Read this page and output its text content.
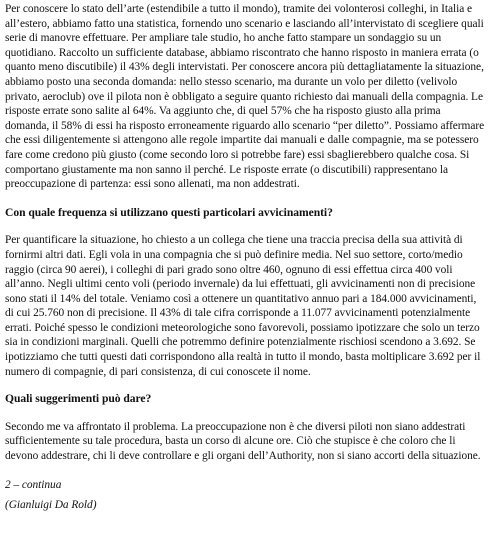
Per conoscere lo stato dell’arte (estendibile a tutto il mondo), tramite dei volonterosi colleghi, in Italia e all’estero, abbiamo fatto una statistica, fornendo uno scenario e lasciando all’intervistato di scegliere quali serie di manovre effettuare. Per ampliare tale studio, ho anche fatto stampare un sondaggio su un quotidiano. Raccolto un sufficiente database, abbiamo riscontrato che hanno risposto in maniera errata (o quanto meno discutibile) il 43% degli intervistati. Per conoscere ancora più dettagliatamente la situazione, abbiamo posto una seconda domanda: nello stesso scenario, ma durante un volo per diletto (velivolo privato, aeroclub) ove il pilota non è obbligato a seguire quanto richiesto dai manuali della compagnia. Le risposte errate sono salite al 64%. Va aggiunto che, di quel 57% che ha risposto giusto alla prima domanda, il 58% di essi ha risposto erroneamente riguardo allo scenario “per diletto”. Possiamo affermare che essi diligentemente si attengono alle regole impartite dai manuali e dalle compagnie, ma se potessero fare come credono più giusto (come secondo loro si potrebbe fare) essi sbaglierebbero qualche cosa. Si comportano giustamente ma non sanno il perché. Le risposte errate (o discutibili) rappresentano la preoccupazione di partenza: essi sono allenati, ma non addestrati.

Con quale frequenza si utilizzano questi particolari avvicinamenti?

Per quantificare la situazione, ho chiesto a un collega che tiene una traccia precisa della sua attività di fornirmi altri dati. Egli vola in una compagnia che si può definire media. Nel suo settore, corto/medio raggio (circa 90 aerei), i colleghi di pari grado sono oltre 460, ognuno di essi effettua circa 400 voli all’anno. Negli ultimi cento voli (periodo invernale) da lui effettuati, gli avvicinamenti non di precisione sono stati il 14% del totale. Veniamo così a ottenere un quantitativo annuo pari a 184.000 avvicinamenti, di cui 25.760 non di precisione. Il 43% di tale cifra corrisponde a 11.077 avvicinamenti potenzialmente errati. Poiché spesso le condizioni meteorologiche sono favorevoli, possiamo ipotizzare che solo un terzo sia in condizioni marginali. Quelli che potremmo definire potenzialmente rischiosi scendono a 3.692. Se ipotizziamo che tutti questi dati corrispondono alla realtà in tutto il mondo, basta moltiplicare 3.692 per il numero di compagnie, di pari consistenza, di cui conoscete il nome.

Quali suggerimenti può dare?

Secondo me va affrontato il problema. La preoccupazione non è che diversi piloti non siano addestrati sufficientemente su tale procedura, basta un corso di alcune ore. Ciò che stupisce è che coloro che li devono addestrare, chi li deve controllare e gli organi dell’Authority, non si siano accorti della situazione.

2 – continua

(Gianluigi Da Rold)
